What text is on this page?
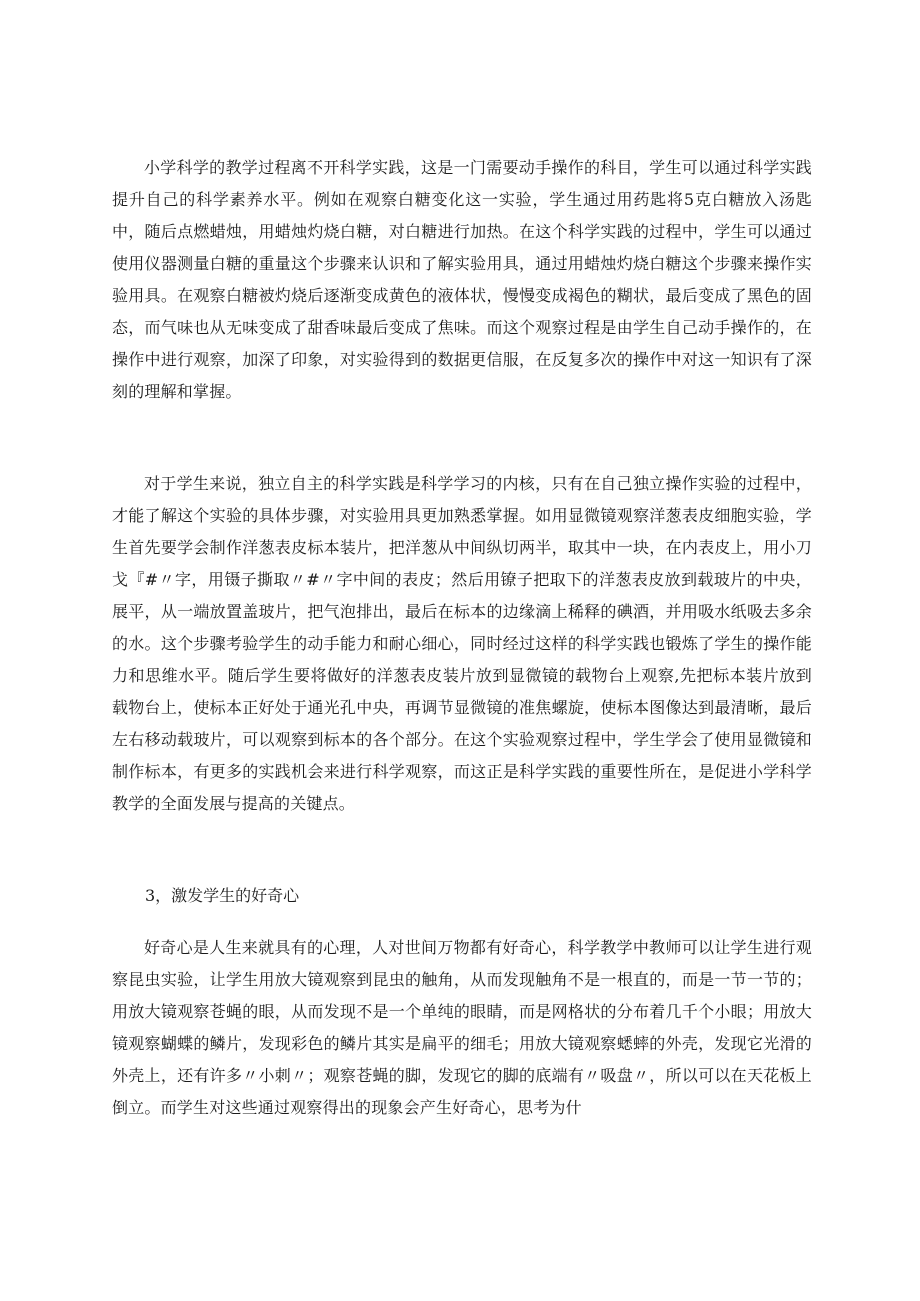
小学科学的教学过程离不开科学实践，这是一门需要动手操作的科目，学生可以通过科学实践提升自己的科学素养水平。例如在观察白糖变化这一实验，学生通过用药匙将5克白糖放入汤匙中，随后点燃蜡烛，用蜡烛灼烧白糖，对白糖进行加热。在这个科学实践的过程中，学生可以通过使用仪器测量白糖的重量这个步骤来认识和了解实验用具，通过用蜡烛灼烧白糖这个步骤来操作实验用具。在观察白糖被灼烧后逐渐变成黄色的液体状，慢慢变成褐色的糊状，最后变成了黑色的固态，而气味也从无味变成了甜香味最后变成了焦味。而这个观察过程是由学生自己动手操作的，在操作中进行观察，加深了印象，对实验得到的数据更信服，在反复多次的操作中对这一知识有了深刻的理解和掌握。

对于学生来说，独立自主的科学实践是科学学习的内核，只有在自己独立操作实验的过程中，才能了解这个实验的具体步骤，对实验用具更加熟悉掌握。如用显微镜观察洋葱表皮细胞实验，学生首先要学会制作洋葱表皮标本装片，把洋葱从中间纵切两半，取其中一块，在内表皮上，用小刀戈『#〃字，用镊子撕取〃#〃字中间的表皮；然后用镣子把取下的洋葱表皮放到载玻片的中央，展平，从一端放置盖玻片，把气泡排出，最后在标本的边缘滴上稀释的碘酒，并用吸水纸吸去多余的水。这个步骤考验学生的动手能力和耐心细心，同时经过这样的科学实践也锻炼了学生的操作能力和思维水平。随后学生要将做好的洋葱表皮装片放到显微镜的载物台上观察,先把标本装片放到载物台上，使标本正好处于通光孔中央，再调节显微镜的准焦螺旋，使标本图像达到最清晰，最后左右移动载玻片，可以观察到标本的各个部分。在这个实验观察过程中，学生学会了使用显微镜和制作标本，有更多的实践机会来进行科学观察，而这正是科学实践的重要性所在，是促进小学科学教学的全面发展与提高的关键点。

3，激发学生的好奇心

好奇心是人生来就具有的心理，人对世间万物都有好奇心，科学教学中教师可以让学生进行观察昆虫实验，让学生用放大镜观察到昆虫的触角，从而发现触角不是一根直的，而是一节一节的；用放大镜观察苍蝇的眼，从而发现不是一个单纯的眼睛，而是网格状的分布着几千个小眼；用放大镜观察蝴蝶的鳞片，发现彩色的鳞片其实是扁平的细毛；用放大镜观察蟋蟀的外壳，发现它光滑的外壳上，还有许多〃小刺〃；观察苍蝇的脚，发现它的脚的底端有〃吸盘〃，所以可以在天花板上倒立。而学生对这些通过观察得出的现象会产生好奇心，思考为什
